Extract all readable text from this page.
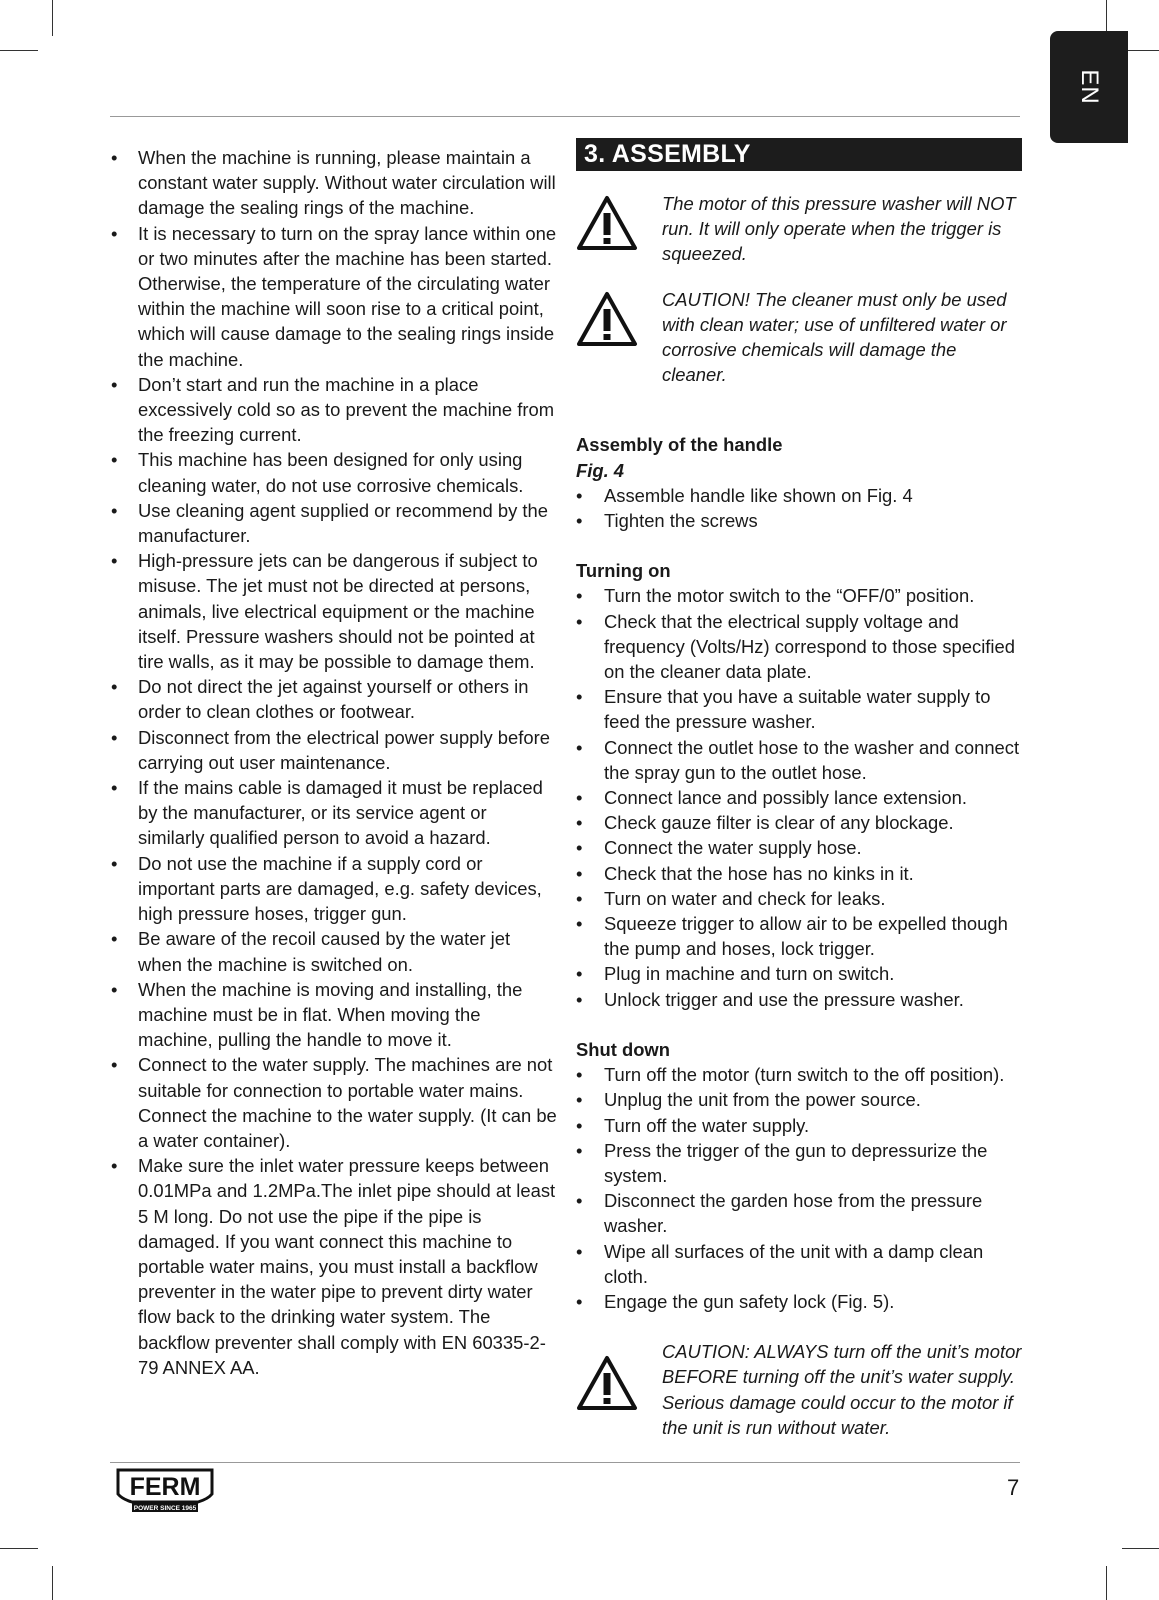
EN
• When the machine is running, please maintain a constant water supply. Without water circulation will damage the sealing rings of the machine.
• It is necessary to turn on the spray lance within one or two minutes after the machine has been started. Otherwise, the temperature of the circulating water within the machine will soon rise to a critical point, which will cause damage to the sealing rings inside the machine.
• Don’t start and run the machine in a place excessively cold so as to prevent the machine from the freezing current.
• This machine has been designed for only using cleaning water, do not use corrosive chemicals.
• Use cleaning agent supplied or recommend by the manufacturer.
• High-pressure jets can be dangerous if subject to misuse. The jet must not be directed at persons, animals, live electrical equipment or the machine itself. Pressure washers should not be pointed at tire walls, as it may be possible to damage them.
• Do not direct the jet against yourself or others in order to clean clothes or footwear.
• Disconnect from the electrical power supply before carrying out user maintenance.
• If the mains cable is damaged it must be replaced by the manufacturer, or its service agent or similarly qualified person to avoid a hazard.
• Do not use the machine if a supply cord or important parts are damaged, e.g. safety devices, high pressure hoses, trigger gun.
• Be aware of the recoil caused by the water jet when the machine is switched on.
• When the machine is moving and installing, the machine must be in flat. When moving the machine, pulling the handle to move it.
• Connect to the water supply. The machines are not suitable for connection to portable water mains. Connect the machine to the water supply. (It can be a water container).
• Make sure the inlet water pressure keeps between 0.01MPa and 1.2MPa.The inlet pipe should at least 5 M long. Do not use the pipe if the pipe is damaged. If you want connect this machine to portable water mains, you must install a backflow preventer in the water pipe to prevent dirty water flow back to the drinking water system. The backflow preventer shall comply with EN 60335-2-79 ANNEX AA.
3. ASSEMBLY

The motor of this pressure washer will NOT run. It will only operate when the trigger is squeezed.

CAUTION! The cleaner must only be used with clean water; use of unfiltered water or corrosive chemicals will damage the cleaner.

Assembly of the handle
Fig. 4
• Assemble handle like shown on Fig. 4
• Tighten the screws
Turning on
• Turn the motor switch to the “OFF/0” position.
• Check that the electrical supply voltage and frequency (Volts/Hz) correspond to those specified on the cleaner data plate.
• Ensure that you have a suitable water supply to feed the pressure washer.
• Connect the outlet hose to the washer and connect the spray gun to the outlet hose.
• Connect lance and possibly lance extension.
• Check gauze filter is clear of any blockage.
• Connect the water supply hose.
• Check that the hose has no kinks in it.
• Turn on water and check for leaks.
• Squeeze trigger to allow air to be expelled though the pump and hoses, lock trigger.
• Plug in machine and turn on switch.
• Unlock trigger and use the pressure washer.
Shut down
• Turn off the motor (turn switch to the off position).
• Unplug the unit from the power source.
• Turn off the water supply.
• Press the trigger of the gun to depressurize the system.
• Disconnect the garden hose from the pressure washer.
• Wipe all surfaces of the unit with a damp clean cloth.
• Engage the gun safety lock (Fig. 5).

CAUTION: ALWAYS turn off the unit’s motor BEFORE turning off the unit’s water supply. Serious damage could occur to the motor if the unit is run without water.

FERM
POWER SINCE 1965
7
